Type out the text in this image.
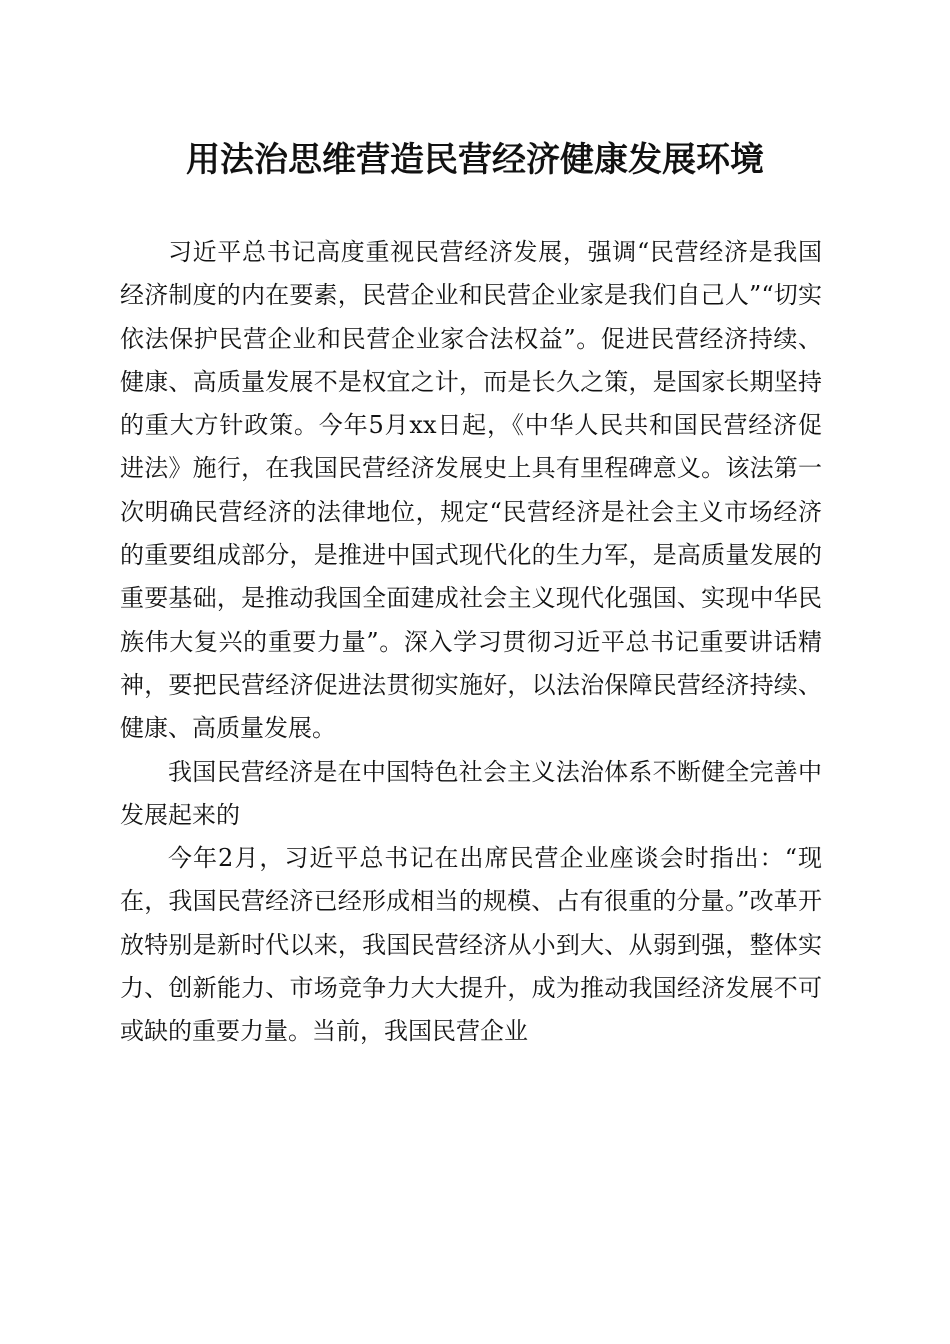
用法治思维营造民营经济健康发展环境

习近平总书记高度重视民营经济发展，强调“民营经济是我国经济制度的内在要素，民营企业和民营企业家是我们自己人”“切实依法保护民营企业和民营企业家合法权益”。促进民营经济持续、健康、高质量发展不是权宜之计，而是长久之策，是国家长期坚持的重大方针政策。今年5月xx日起，《中华人民共和国民营经济促进法》施行，在我国民营经济发展史上具有里程碑意义。该法第一次明确民营经济的法律地位，规定“民营经济是社会主义市场经济的重要组成部分，是推进中国式现代化的生力军，是高质量发展的重要基础，是推动我国全面建成社会主义现代化强国、实现中华民族伟大复兴的重要力量”。深入学习贯彻习近平总书记重要讲话精神，要把民营经济促进法贯彻实施好，以法治保障民营经济持续、健康、高质量发展。

我国民营经济是在中国特色社会主义法治体系不断健全完善中发展起来的

今年2月，习近平总书记在出席民营企业座谈会时指出：“现在，我国民营经济已经形成相当的规模、占有很重的分量。”改革开放特别是新时代以来，我国民营经济从小到大、从弱到强，整体实力、创新能力、市场竞争力大大提升，成为推动我国经济发展不可或缺的重要力量。当前，我国民营企业
